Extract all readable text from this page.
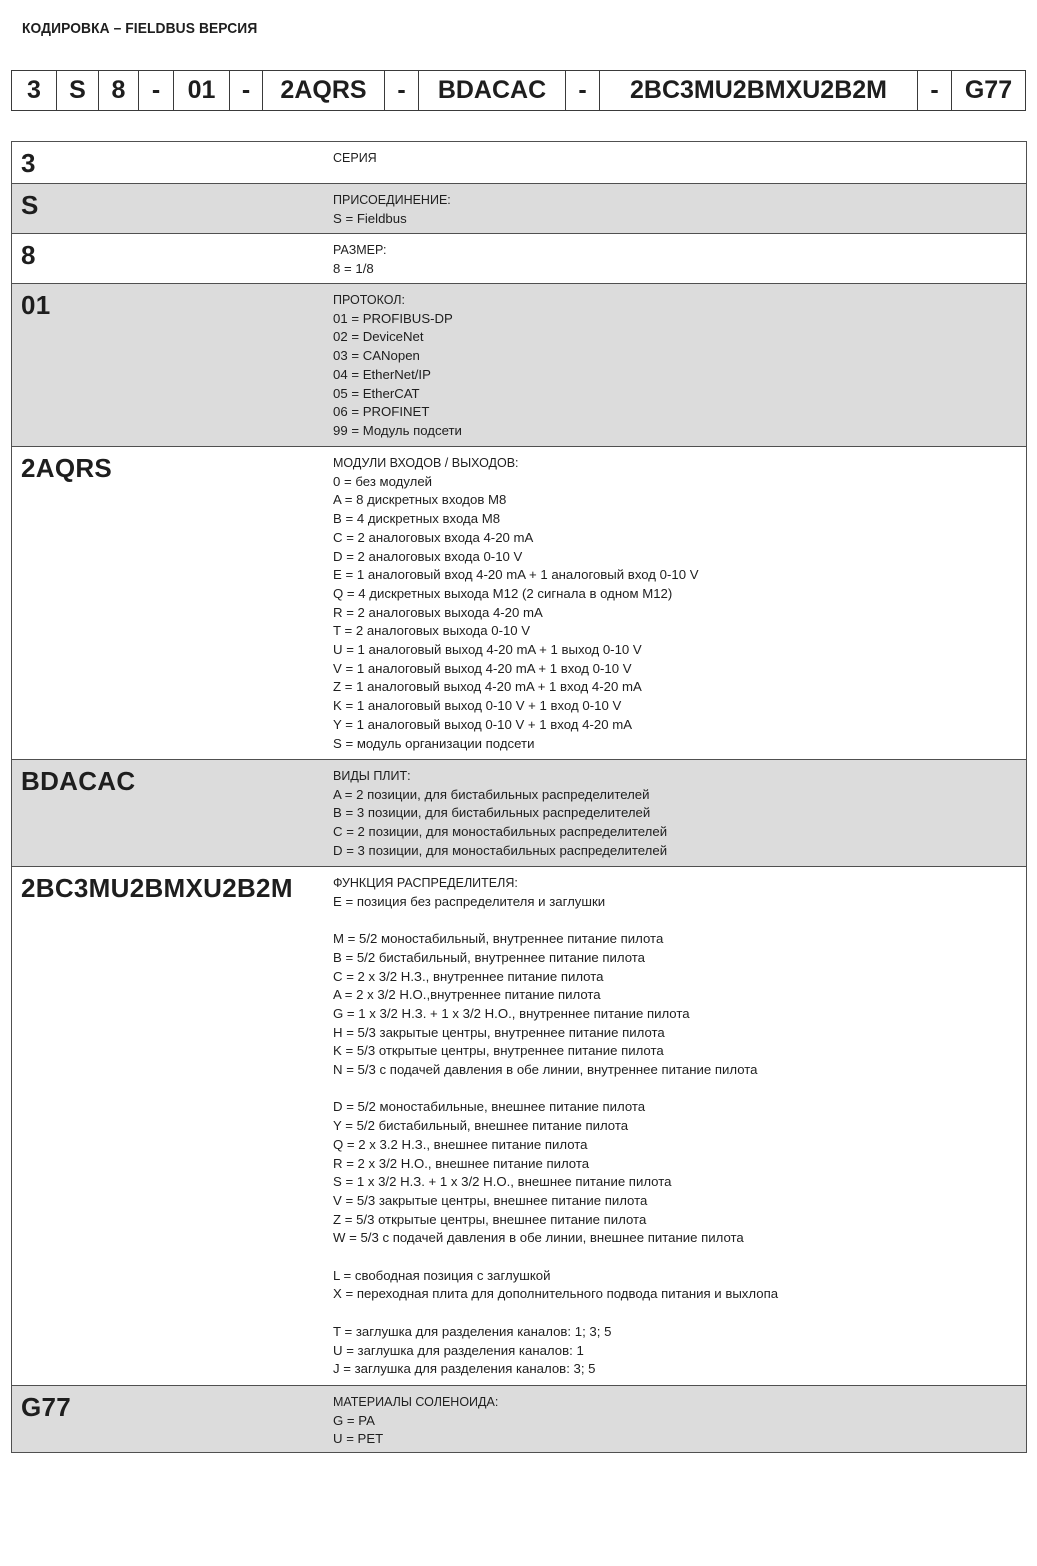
КОДИРОВКА – FIELDBUS ВЕРСИЯ
3	S	8	-	01	-	2AQRS	-	BDACAC	-	2BC3MU2BMXU2B2M	-	G77
3	СЕРИЯ
S	ПРИСОЕДИНЕНИЕ:
S = Fieldbus
8	РАЗМЕР:
8 = 1/8
01	ПРОТОКОЛ:
01 = PROFIBUS-DP
02 = DeviceNet
03 = CANopen
04 = EtherNet/IP
05 = EtherCAT
06 = PROFINET
99 = Модуль подсети
2AQRS	МОДУЛИ ВХОДОВ / ВЫХОДОВ:
0 = без модулей
A = 8 дискретных входов M8
B = 4 дискретных входа M8
C = 2 аналоговых входа 4-20 mA
D = 2 аналоговых входа 0-10 V
E = 1 аналоговый вход 4-20 mA + 1 аналоговый вход 0-10 V
Q = 4 дискретных выхода M12 (2 сигнала в одном M12)
R = 2 аналоговых выхода 4-20 mA
T = 2 аналоговых выхода 0-10 V
U = 1 аналоговый выход 4-20 mA + 1 выход 0-10 V
V = 1 аналоговый выход 4-20 mA + 1 вход 0-10 V
Z = 1 аналоговый выход 4-20 mA + 1 вход 4-20 mA
K = 1 аналоговый выход 0-10 V + 1 вход 0-10 V
Y = 1 аналоговый выход 0-10 V + 1 вход 4-20 mA
S = модуль организации подсети
BDACAC	ВИДЫ ПЛИТ:
A = 2 позиции, для бистабильных распределителей
B = 3 позиции, для бистабильных распределителей
C = 2 позиции, для моностабильных распределителей
D = 3 позиции, для моностабильных распределителей
2BC3MU2BMXU2B2M	ФУНКЦИЯ РАСПРЕДЕЛИТЕЛЯ:
E = позиция без распределителя и заглушки
M = 5/2 моностабильный, внутреннее питание пилота
B = 5/2 бистабильный, внутреннее питание пилота
C = 2 x 3/2 Н.З., внутреннее питание пилота
A = 2 x 3/2 Н.О.,внутреннее питание пилота
G = 1 x 3/2 Н.З. + 1 x 3/2 Н.О., внутреннее питание пилота
H = 5/3 закрытые центры, внутреннее питание пилота
K = 5/3 открытые центры, внутреннее питание пилота
N = 5/3 с подачей давления в обе линии, внутреннее питание пилота
D = 5/2 моностабильные, внешнее питание пилота
Y = 5/2 бистабильный, внешнее питание пилота
Q = 2 x 3.2 Н.З., внешнее питание пилота
R = 2 x 3/2 Н.О., внешнее питание пилота
S = 1 x 3/2 Н.З. + 1 x 3/2 Н.О., внешнее питание пилота
V = 5/3 закрытые центры, внешнее питание пилота
Z = 5/3 открытые центры, внешнее питание пилота
W = 5/3 с подачей давления в обе линии, внешнее питание пилота
L = свободная позиция с заглушкой
X = переходная плита для дополнительного подвода питания и выхлопа
T = заглушка для разделения каналов: 1; 3; 5
U = заглушка для разделения каналов: 1
J = заглушка для разделения каналов: 3; 5
G77	МАТЕРИАЛЫ СОЛЕНОИДА:
G = PA
U = PET
